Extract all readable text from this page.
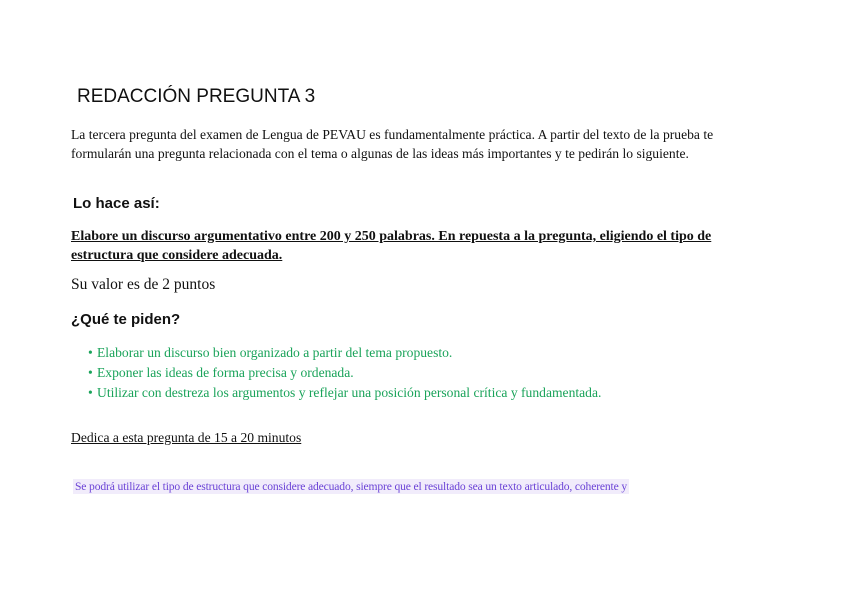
REDACCIÓN PREGUNTA 3

La tercera pregunta del examen de Lengua de PEVAU es fundamentalmente práctica. A partir del texto de la prueba te formularán una pregunta relacionada con el tema o algunas de las ideas más importantes y te pedirán lo siguiente.

Lo hace así:

Elabore un discurso argumentativo entre 200 y 250 palabras. En repuesta a la pregunta, eligiendo el tipo de estructura que considere adecuada.

Su valor es de 2 puntos

¿Qué te piden?
• Elaborar un discurso bien organizado a partir del tema propuesto.
• Exponer las ideas de forma precisa y ordenada.
• Utilizar con destreza los argumentos y reflejar una posición personal crítica y fundamentada.

Dedica a esta pregunta de 15 a 20 minutos

Se podrá utilizar el tipo de estructura que considere adecuado, siempre que el resultado sea un texto articulado, coherente y
